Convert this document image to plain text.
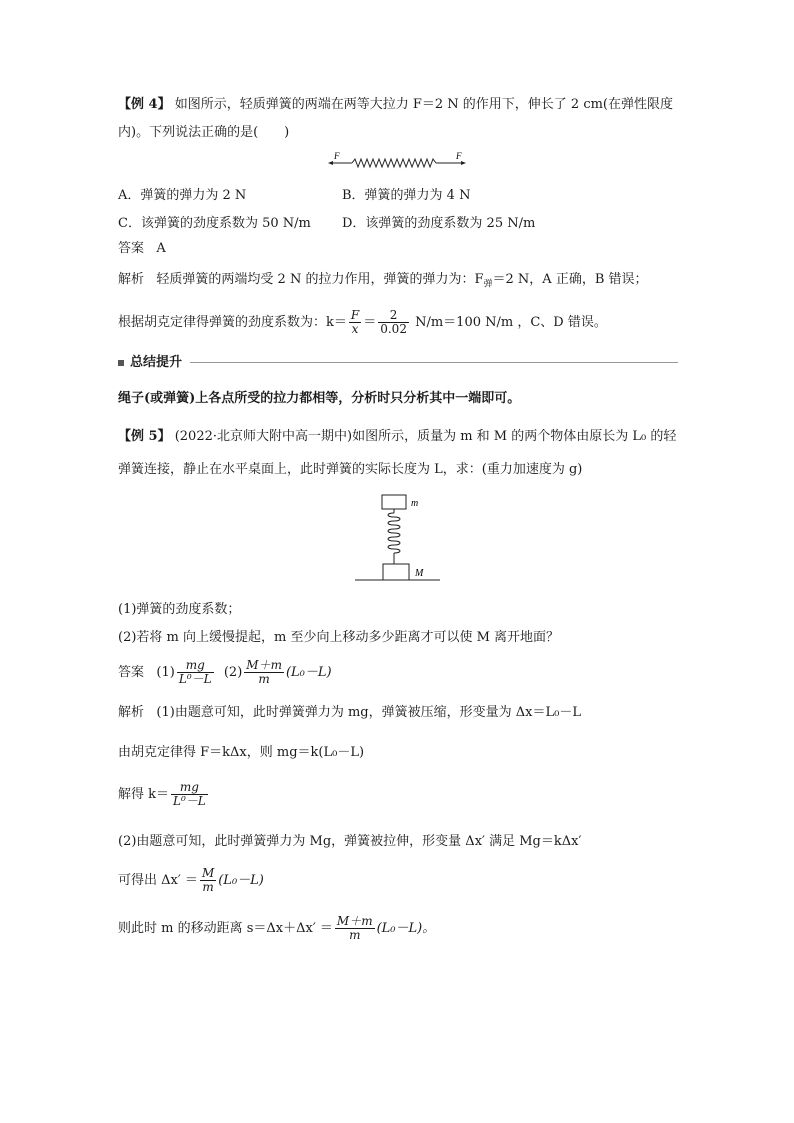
【例 4】 如图所示，轻质弹簧的两端在两等大拉力 F＝2 N 的作用下，伸长了 2 cm(在弹性限度
内)。下列说法正确的是(　　)
F	F
A．弹簧的弹力为 2 N	B．弹簧的弹力为 4 N
C．该弹簧的劲度系数为 50 N/m D．该弹簧的劲度系数为 25 N/m
答案 A
解析 轻质弹簧的两端均受 2 N 的拉力作用，弹簧的弹力为：$F_弹=2$ N，A 正确，B 错误；
根据胡克定律得弹簧的劲度系数为：$k= \frac{F}{x} = \frac{2}{0.02} N/m=100$ N/m ，C、D 错误。
总结提升
绳子(或弹簧)上各点所受的拉力都相等，分析时只分析其中一端即可。
【例 5】 (2022·北京师大附中高一期中)如图所示，质量为 m 和 M 的两个物体由原长为 L₀ 的轻
弹簧连接，静止在水平桌面上，此时弹簧的实际长度为 L，求：(重力加速度为 g)
m
M
(1)弹簧的劲度系数；
(2)若将 m 向上缓慢提起，m 至少向上移动多少距离才可以使 M 离开地面？
答案 $(1) \frac{mg}{\text{L⁰－L}} (2) \frac{M+m}{m} (L_0-L)$
解析 (1)由题意可知，此时弹簧弹力为 mg，弹簧被压缩，形变量为 Δx＝L₀－L
由胡克定律得 F＝kΔx，则 mg＝k(L₀－L)
解得 $k= \frac{mg}{\text{L⁰－L}}$
(2)由题意可知，此时弹簧弹力为 Mg，弹簧被拉伸，形变量 Δx′ 满足 Mg＝kΔx′
可得出 $\Delta x' = \frac{M}{m} (L_0-L)$
则此时 m 的移动距离 $s=\Delta x+\Delta x' = \frac{M+m}{m} (L_0-L)$。
